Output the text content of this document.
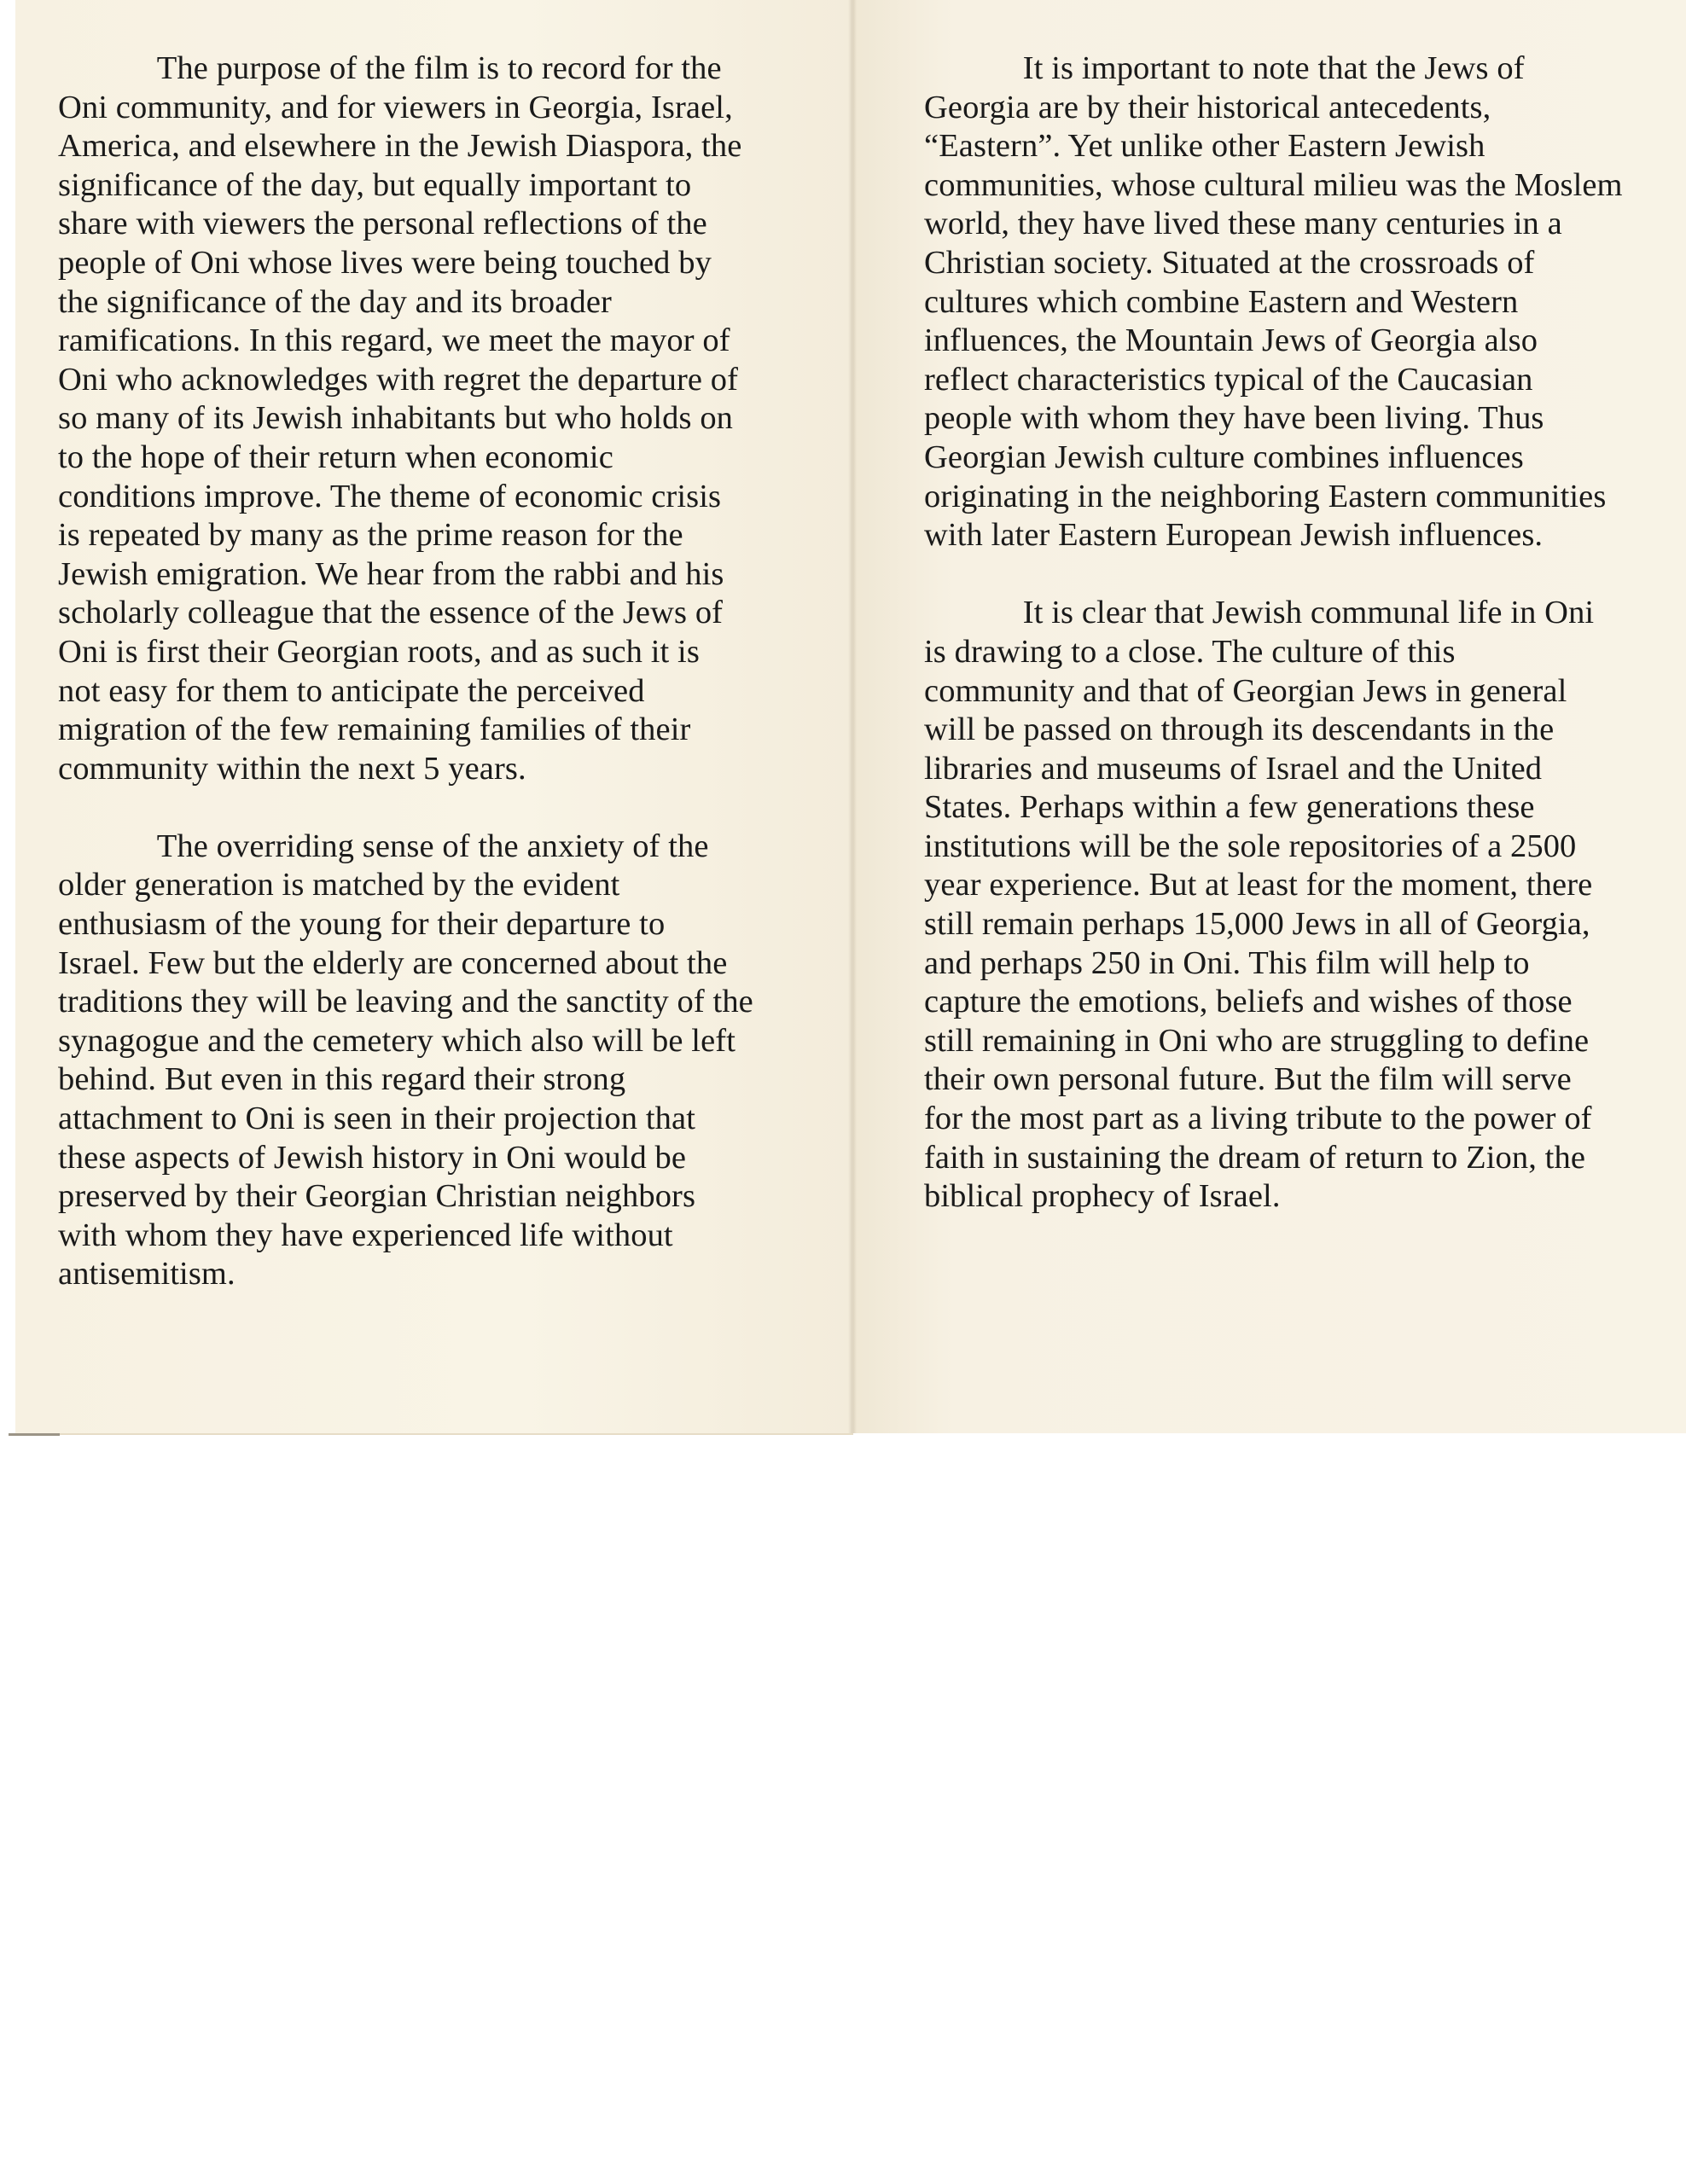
   The purpose of the film is to record for the
Oni community, and for viewers in Georgia, Israel,
America, and elsewhere in the Jewish Diaspora, the
significance of the day, but equally important to
share with viewers the personal reflections of the
people of Oni whose lives were being touched by
the significance of the day and its broader
ramifications. In this regard, we meet the mayor of
Oni who acknowledges with regret the departure of
so many of its Jewish inhabitants but who holds on
to the hope of their return when economic
conditions improve. The theme of economic crisis
is repeated by many as the prime reason for the
Jewish emigration. We hear from the rabbi and his
scholarly colleague that the essence of the Jews of
Oni is first their Georgian roots, and as such it is
not easy for them to anticipate the perceived
migration of the few remaining families of their
community within the next 5 years.

   The overriding sense of the anxiety of the
older generation is matched by the evident
enthusiasm of the young for their departure to
Israel. Few but the elderly are concerned about the
traditions they will be leaving and the sanctity of the
synagogue and the cemetery which also will be left
behind. But even in this regard their strong
attachment to Oni is seen in their projection that
these aspects of Jewish history in Oni would be
preserved by their Georgian Christian neighbors
with whom they have experienced life without
antisemitism.

   It is important to note that the Jews of
Georgia are by their historical antecedents,
“Eastern”. Yet unlike other Eastern Jewish
communities, whose cultural milieu was the Moslem
world, they have lived these many centuries in a
Christian society. Situated at the crossroads of
cultures which combine Eastern and Western
influences, the Mountain Jews of Georgia also
reflect characteristics typical of the Caucasian
people with whom they have been living. Thus
Georgian Jewish culture combines influences
originating in the neighboring Eastern communities
with later Eastern European Jewish influences.

   It is clear that Jewish communal life in Oni
is drawing to a close. The culture of this
community and that of Georgian Jews in general
will be passed on through its descendants in the
libraries and museums of Israel and the United
States. Perhaps within a few generations these
institutions will be the sole repositories of a 2500
year experience. But at least for the moment, there
still remain perhaps 15,000 Jews in all of Georgia,
and perhaps 250 in Oni. This film will help to
capture the emotions, beliefs and wishes of those
still remaining in Oni who are struggling to define
their own personal future. But the film will serve
for the most part as a living tribute to the power of
faith in sustaining the dream of return to Zion, the
biblical prophecy of Israel.
